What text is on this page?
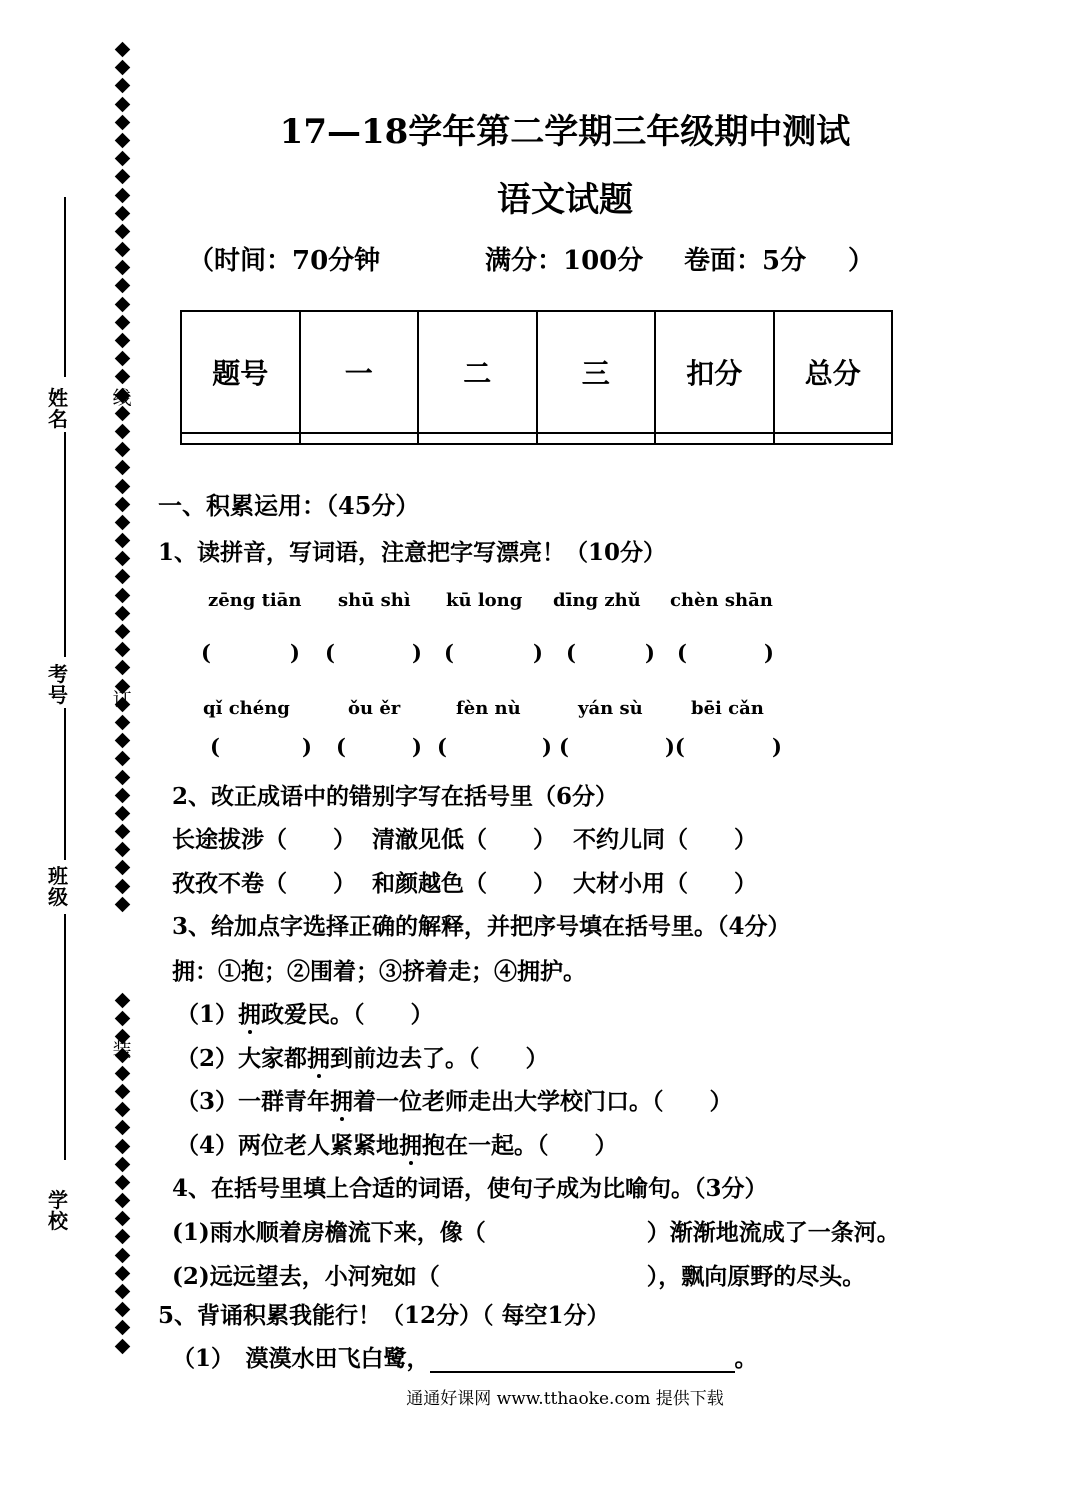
姓名
考号
班级
学校
线
订
装
17—18学年第二学期三年级期中测试
语文试题
（时间：70分钟	满分：100分 卷面：5分 ）
题号	一	二	三	扣分	总分

一、积累运用：（45分）
1、读拼音，写词语，注意把字写漂亮！（10分）
zēng tiān shū shì kū long dīng zhǔ chèn shān
(	) (	) (	) (	) (	)
qǐ chéng	ǒu ěr	fèn nù	yán sù	bēi cǎn
(	) (	) (	) (	)(	)
2、改正成语中的错别字写在括号里（6分）
长途拔涉（　　） 清澈见低（　　） 不约儿同（　　）
孜孜不卷（　　） 和颜越色（　　） 大材小用（　　）
3、给加点字选择正确的解释，并把序号填在括号里。（4分）
拥：①抱；②围着；③挤着走；④拥护。
（1）拥政爱民。（　　）
（2）大家都拥到前边去了。（　　）
（3）一群青年拥着一位老师走出大学校门口。（　　）
（4）两位老人紧紧地拥抱在一起。（　　）
4、在括号里填上合适的词语，使句子成为比喻句。（3分）
(1)雨水顺着房檐流下来，像（　　　　　　　）渐渐地流成了一条河。
(2)远远望去，小河宛如（　　　　　　　　　），飘向原野的尽头。
5、背诵积累我能行！（12分）（ 每空1分）
（1）　漠漠水田飞白鹭，	。
通通好课网 www.tthaoke.com 提供下载
